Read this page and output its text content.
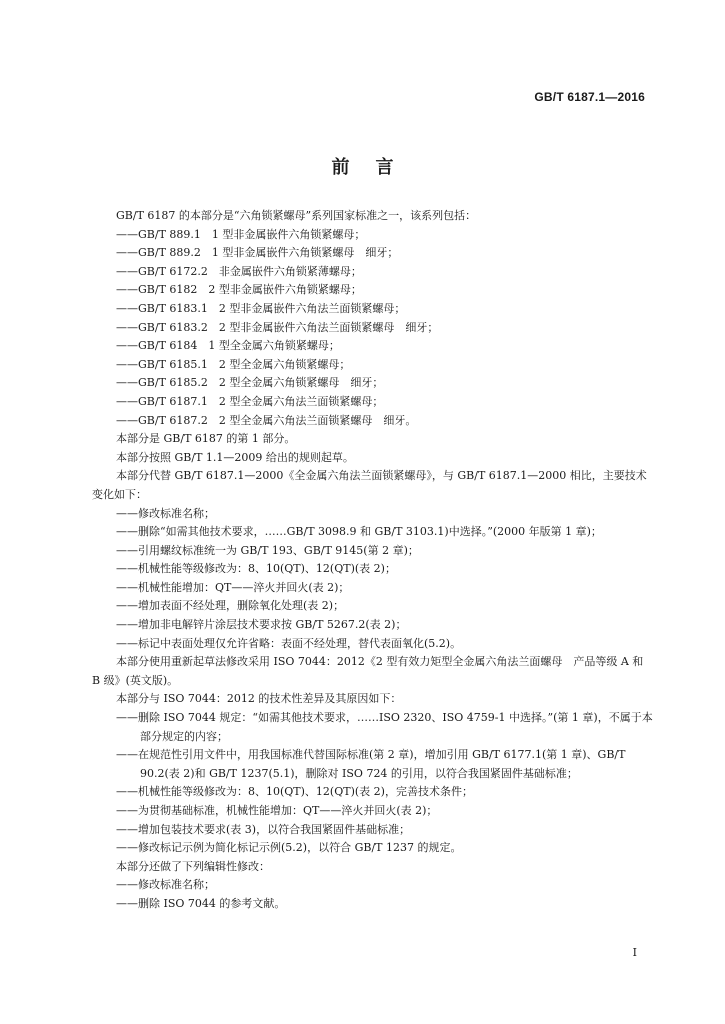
GB/T 6187.1—2016
前言
GB/T 6187 的本部分是“六角锁紧螺母”系列国家标准之一，该系列包括：
——GB/T 889.1　1 型非金属嵌件六角锁紧螺母；
——GB/T 889.2　1 型非金属嵌件六角锁紧螺母　细牙；
——GB/T 6172.2　非金属嵌件六角锁紧薄螺母；
——GB/T 6182　2 型非金属嵌件六角锁紧螺母；
——GB/T 6183.1　2 型非金属嵌件六角法兰面锁紧螺母；
——GB/T 6183.2　2 型非金属嵌件六角法兰面锁紧螺母　细牙；
——GB/T 6184　1 型全金属六角锁紧螺母；
——GB/T 6185.1　2 型全金属六角锁紧螺母；
——GB/T 6185.2　2 型全金属六角锁紧螺母　细牙；
——GB/T 6187.1　2 型全金属六角法兰面锁紧螺母；
——GB/T 6187.2　2 型全金属六角法兰面锁紧螺母　细牙。
本部分是 GB/T 6187 的第 1 部分。
本部分按照 GB/T 1.1—2009 给出的规则起草。
本部分代替 GB/T 6187.1—2000《全金属六角法兰面锁紧螺母》，与 GB/T 6187.1—2000 相比，主要技术变化如下：
——修改标准名称；
——删除“如需其他技术要求，……GB/T 3098.9 和 GB/T 3103.1)中选择。”(2000 年版第 1 章)；
——引用螺纹标准统一为 GB/T 193、GB/T 9145(第 2 章)；
——机械性能等级修改为：8、10(QT)、12(QT)(表 2)；
——机械性能增加：QT——淬火并回火(表 2)；
——增加表面不经处理，删除氧化处理(表 2)；
——增加非电解锌片涂层技术要求按 GB/T 5267.2(表 2)；
——标记中表面处理仅允许省略：表面不经处理，替代表面氧化(5.2)。
本部分使用重新起草法修改采用 ISO 7044：2012《2 型有效力矩型全金属六角法兰面螺母　产品等级 A 和 B 级》(英文版)。
本部分与 ISO 7044：2012 的技术性差异及其原因如下：
——删除 ISO 7044 规定：“如需其他技术要求，……ISO 2320、ISO 4759-1 中选择。”(第 1 章)，不属于本部分规定的内容；
——在规范性引用文件中，用我国标准代替国际标准(第 2 章)，增加引用 GB/T 6177.1(第 1 章)、GB/T 90.2(表 2)和 GB/T 1237(5.1)，删除对 ISO 724 的引用，以符合我国紧固件基础标准；
——机械性能等级修改为：8、10(QT)、12(QT)(表 2)，完善技术条件；
——为贯彻基础标准，机械性能增加：QT——淬火并回火(表 2)；
——增加包装技术要求(表 3)，以符合我国紧固件基础标准；
——修改标记示例为简化标记示例(5.2)，以符合 GB/T 1237 的规定。
本部分还做了下列编辑性修改：
——修改标准名称；
——删除 ISO 7044 的参考文献。
I
